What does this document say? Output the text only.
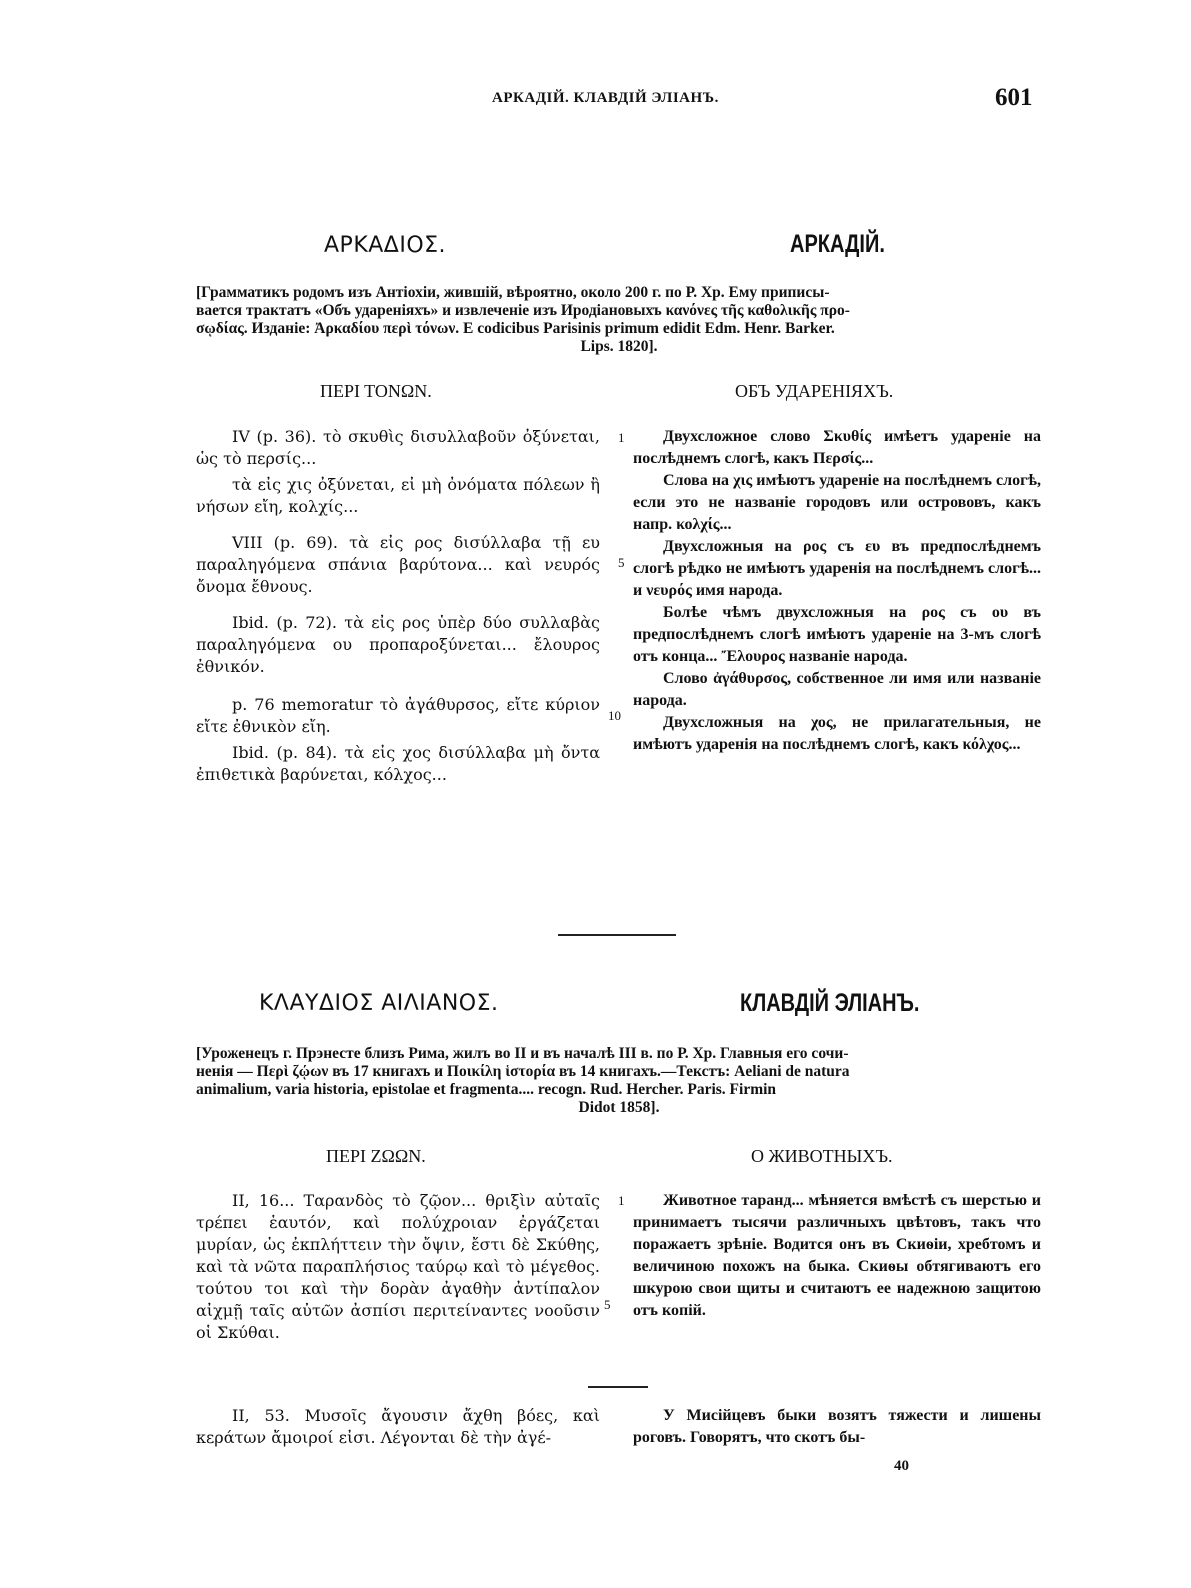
АРКАДІЙ. КЛАВДІЙ ЭЛІАНЪ.	601
ΑΡΚΑΔΙΟΣ.	АРКАДІЙ.
[Грамматикъ родомъ изъ Антіохіи, жившій, вѣроятно, около 200 г. по Р. Хр. Ему приписы-
вается трактатъ «Объ удареніяхъ» и извлеченіе изъ Иродіановыхъ κανόνες τῆς καθολικῆς προ-
σῳδίας. Изданіе: Ἀρκαδίου περὶ τόνων. E codicibus Parisinis primum edidit Edm. Henr. Barker.
Lips. 1820].
ΠΕΡΙ ΤΟΝΩΝ.	ОБЪ УДАРЕНІЯХЪ.

IV (p. 36). τὸ σκυθὶς δισυλλαβοῦν ὀξύνεται, ὡς τὸ περσίς...

τὰ εἰς χις ὀξύνεται, εἰ μὴ ὀνόματα πόλεων ἢ νήσων εἴη, κολχίς...

VIII (p. 69). τὰ εἰς ρος δισύλλαβα τῇ ευ παραληγόμενα σπάνια βαρύτονα... καὶ νευρός ὄνομα ἔθνους.

Ibid. (p. 72). τὰ εἰς ρος ὑπὲρ δύο συλλαβὰς παραληγόμενα ου προπαροξύνεται... ἔλουρος ἐθνικόν.

p. 76 memoratur τὸ ἀγάθυρσος, εἴτε κύριον εἴτε ἐθνικὸν εἴη.

Ibid. (p. 84). τὰ εἰς χος δισύλλαβα μὴ ὄντα ἐπιθετικὰ βαρύνεται, κόλχος...

1
5
10

Двухсложное слово Σκυθίς имѣетъ удареніе на послѣднемъ слогѣ, какъ Περσίς...

Слова на χις имѣютъ удареніе на послѣднемъ слогѣ, если это не названіе городовъ или острововъ, какъ напр. κολχίς...

Двухсложныя на ρος съ ευ въ предпослѣднемъ слогѣ рѣдко не имѣютъ ударенія на послѣднемъ слогѣ... и νευρός имя народа.

Болѣе чѣмъ двухсложныя на ρος съ ου въ предпослѣднемъ слогѣ имѣютъ удареніе на 3-мъ слогѣ отъ конца... Ἔλουρος названіе народа.

Слово ἀγάθυρσος, собственное ли имя или названіе народа.

Двухсложныя на χος, не прилагательныя, не имѣютъ ударенія на послѣднемъ слогѣ, какъ κόλχος...

ΚΛΑΥΔΙΟΣ ΑΙΛΙΑΝΟΣ.	КЛАВДІЙ ЭЛІАНЪ.
[Уроженецъ г. Прэнесте близъ Рима, жилъ во II и въ началѣ III в. по Р. Хр. Главныя его сочи-
ненія — Περὶ ζῴων въ 17 книгахъ и Ποικίλη ἱστορία въ 14 книгахъ.—Текстъ: Aeliani de natura
animalium, varia historia, epistolae et fragmenta.... recogn. Rud. Hercher. Paris. Firmin
Didot 1858].
ΠΕΡΙ ΖΩΩΝ.	О ЖИВОТНЫХЪ.

II, 16... Ταρανδὸς τὸ ζῷον... θριξὶν αὐταῖς τρέπει ἑαυτόν, καὶ πολύχροιαν ἐργάζεται μυρίαν, ὡς ἐκπλήττειν τὴν ὄψιν, ἔστι δὲ Σκύθης, καὶ τὰ νῶτα παραπλήσιος ταύρῳ καὶ τὸ μέγεθος. τούτου τοι καὶ τὴν δορὰν ἀγαθὴν ἀντίπαλον αἰχμῇ ταῖς αὐτῶν ἀσπίσι περιτείναντες νοοῦσιν οἱ Σκύθαι.

1
5

Животное таранд... мѣняется вмѣстѣ съ шерстью и принимаетъ тысячи различныхъ цвѣтовъ, такъ что поражаетъ зрѣніе. Водится онъ въ Скиѳіи, хребтомъ и величиною похожъ на быка. Скиѳы обтягиваютъ его шкурою свои щиты и считаютъ ее надежною защитою отъ копій.

II, 53. Μυσοῖς ἄγουσιν ἄχθη βόες, καὶ κεράτων ἄμοιροί εἰσι. Λέγονται δὲ τὴν ἀγέ-

У Мисійцевъ быки возятъ тяжести и лишены роговъ. Говорятъ, что скотъ бы-

40
